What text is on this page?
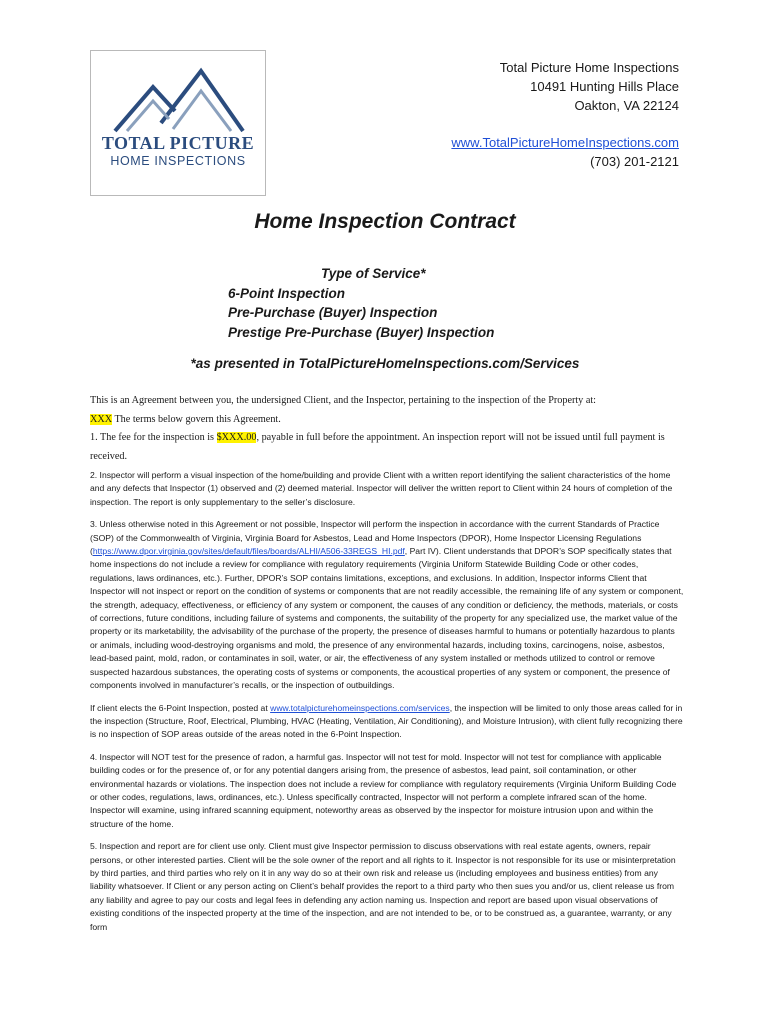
TOTAL PICTURE
HOME INSPECTIONS
Total Picture Home Inspections
10491 Hunting Hills Place
Oakton, VA 22124
www.TotalPictureHomeInspections.com
(703) 201-2121
Home Inspection Contract
Type of Service*
6-Point Inspection
Pre-Purchase (Buyer) Inspection
Prestige Pre-Purchase (Buyer) Inspection
*as presented in TotalPictureHomeInspections.com/Services

This is an Agreement between you, the undersigned Client, and the Inspector, pertaining to the inspection of the Property at:

XXX The terms below govern this Agreement.

1. The fee for the inspection is $XXX.00, payable in full before the appointment. An inspection report will not be issued until full payment is received.

2. Inspector will perform a visual inspection of the home/building and provide Client with a written report identifying the salient characteristics of the home and any defects that Inspector (1) observed and (2) deemed material. Inspector will deliver the written report to Client within 24 hours of completion of the inspection. The report is only supplementary to the seller’s disclosure.

3. Unless otherwise noted in this Agreement or not possible, Inspector will perform the inspection in accordance with the current Standards of Practice (SOP) of the Commonwealth of Virginia, Virginia Board for Asbestos, Lead and Home Inspectors (DPOR), Home Inspector Licensing Regulations (https://www.dpor.virginia.gov/sites/default/files/boards/ALHI/A506-33REGS_HI.pdf, Part IV). Client understands that DPOR’s SOP specifically states that home inspections do not include a review for compliance with regulatory requirements (Virginia Uniform Statewide Building Code or other codes, regulations, laws ordinances, etc.). Further, DPOR’s SOP contains limitations, exceptions, and exclusions. In addition, Inspector informs Client that Inspector will not inspect or report on the condition of systems or components that are not readily accessible, the remaining life of any system or component, the strength, adequacy, effectiveness, or efficiency of any system or component, the causes of any condition or deficiency, the methods, materials, or costs of corrections, future conditions, including failure of systems and components, the suitability of the property for any specialized use, the market value of the property or its marketability, the advisability of the purchase of the property, the presence of diseases harmful to humans or potentially hazardous to plants or animals, including wood-destroying organisms and mold, the presence of any environmental hazards, including toxins, carcinogens, noise, asbestos, lead-based paint, mold, radon, or contaminates in soil, water, or air, the effectiveness of any system installed or methods utilized to control or remove suspected hazardous substances, the operating costs of systems or components, the acoustical properties of any system or component, the presence of components involved in manufacturer’s recalls, or the inspection of outbuildings.

If client elects the 6-Point Inspection, posted at www.totalpicturehomeinspections.com/services, the inspection will be limited to only those areas called for in the inspection (Structure, Roof, Electrical, Plumbing, HVAC (Heating, Ventilation, Air Conditioning), and Moisture Intrusion), with client fully recognizing there is no inspection of SOP areas outside of the areas noted in the 6-Point Inspection.

4. Inspector will NOT test for the presence of radon, a harmful gas. Inspector will not test for mold. Inspector will not test for compliance with applicable building codes or for the presence of, or for any potential dangers arising from, the presence of asbestos, lead paint, soil contamination, or other environmental hazards or violations. The inspection does not include a review for compliance with regulatory requirements (Virginia Uniform Building Code or other codes, regulations, laws, ordinances, etc.). Unless specifically contracted, Inspector will not perform a complete infrared scan of the home. Inspector will examine, using infrared scanning equipment, noteworthy areas as observed by the inspector for moisture intrusion upon and within the structure of the home.

5. Inspection and report are for client use only. Client must give Inspector permission to discuss observations with real estate agents, owners, repair persons, or other interested parties. Client will be the sole owner of the report and all rights to it. Inspector is not responsible for its use or misinterpretation by third parties, and third parties who rely on it in any way do so at their own risk and release us (including employees and business entities) from any liability whatsoever. If Client or any person acting on Client’s behalf provides the report to a third party who then sues you and/or us, client release us from any liability and agree to pay our costs and legal fees in defending any action naming us. Inspection and report are based upon visual observations of existing conditions of the inspected property at the time of the inspection, and are not intended to be, or to be construed as, a guarantee, warranty, or any form
